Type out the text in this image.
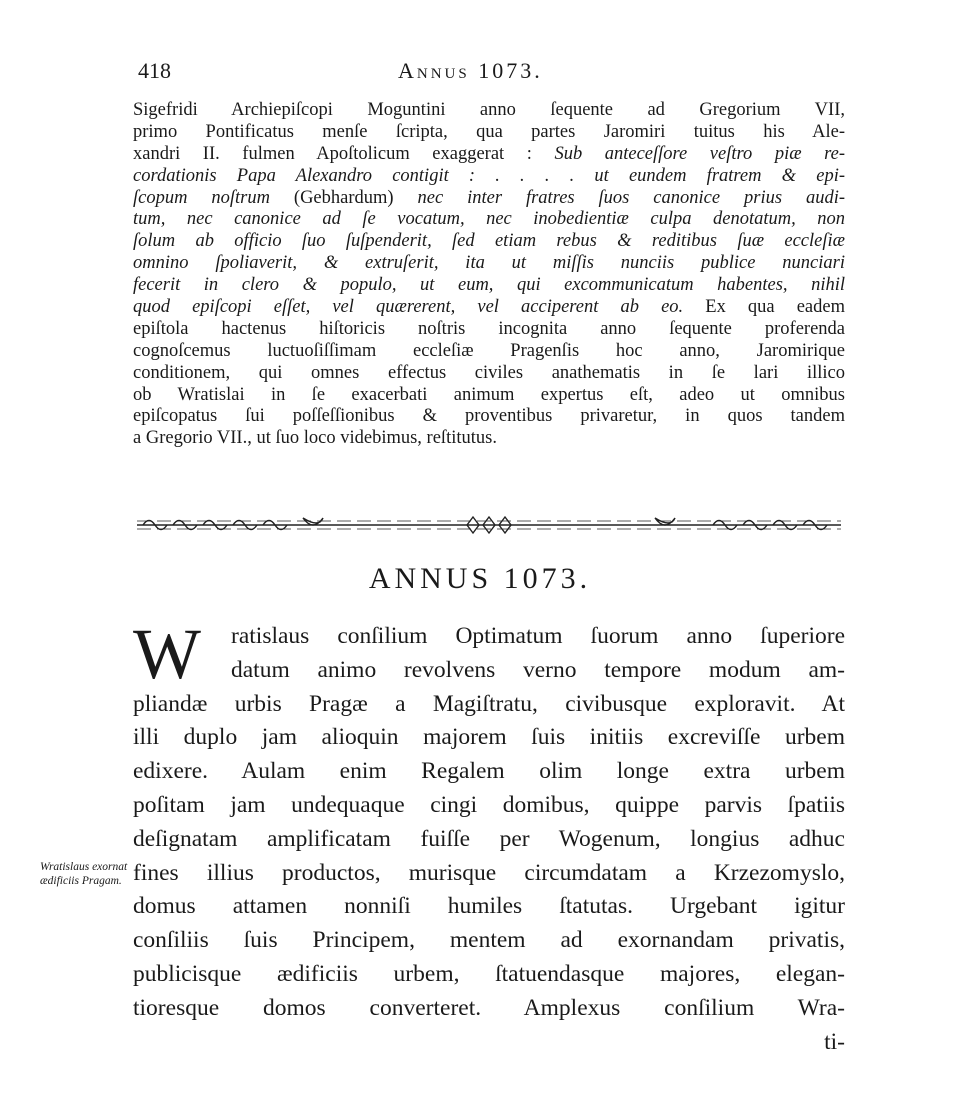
418	Annus 1073.
Sigefridi Archiepiſcopi Moguntini anno ſequente ad Gregorium VII,
primo Pontificatus menſe ſcripta, qua partes Jaromiri tuitus his Ale-
xandri II. fulmen Apoſtolicum exaggerat : Sub anteceſſore veſtro piæ re-
cordationis Papa Alexandro contigit : . . . . ut eundem fratrem & epi-
ſcopum noſtrum (Gebhardum) nec inter fratres ſuos canonice prius audi-
tum, nec canonice ad ſe vocatum, nec inobedientiæ culpa denotatum, non
ſolum ab officio ſuo ſuſpenderit, ſed etiam rebus & reditibus ſuæ eccleſiæ
omnino ſpoliaverit, & extruſerit, ita ut miſſis nunciis publice nunciari
fecerit in clero & populo, ut eum, qui excommunicatum habentes, nihil
quod epiſcopi eſſet, vel quærerent, vel acciperent ab eo. Ex qua eadem
epiſtola hactenus hiſtoricis noſtris incognita anno ſequente proferenda
cognoſcemus luctuoſiſſimam eccleſiæ Pragenſis hoc anno, Jaromirique
conditionem, qui omnes effectus civiles anathematis in ſe lari illico
ob Wratislai in ſe exacerbati animum expertus eſt, adeo ut omnibus
epiſcopatus ſui poſſeſſionibus & proventibus privaretur, in quos tandem
a Gregorio VII., ut ſuo loco videbimus, reſtitutus.
ANNUS 1073.
W	ratislaus conſilium Optimatum ſuorum anno ſuperiore
datum animo revolvens verno tempore modum am-
pliandæ urbis Pragæ a Magiſtratu, civibusque exploravit. At
illi duplo jam alioquin majorem ſuis initiis excreviſſe urbem
edixere. Aulam enim Regalem olim longe extra urbem
poſitam jam undequaque cingi domibus, quippe parvis ſpatiis
deſignatam amplificatam fuiſſe per Wogenum, longius adhuc
fines illius productos, murisque circumdatam a Krzezomyslo,
domus attamen nonniſi humiles ſtatutas. Urgebant igitur
conſiliis ſuis Principem, mentem ad exornandam privatis,
publicisque ædificiis urbem, ſtatuendasque majores, elegan-
tioresque domos converteret. Amplexus conſilium Wra-
ti-
Wratislaus exornat ædificiis Pragam.
